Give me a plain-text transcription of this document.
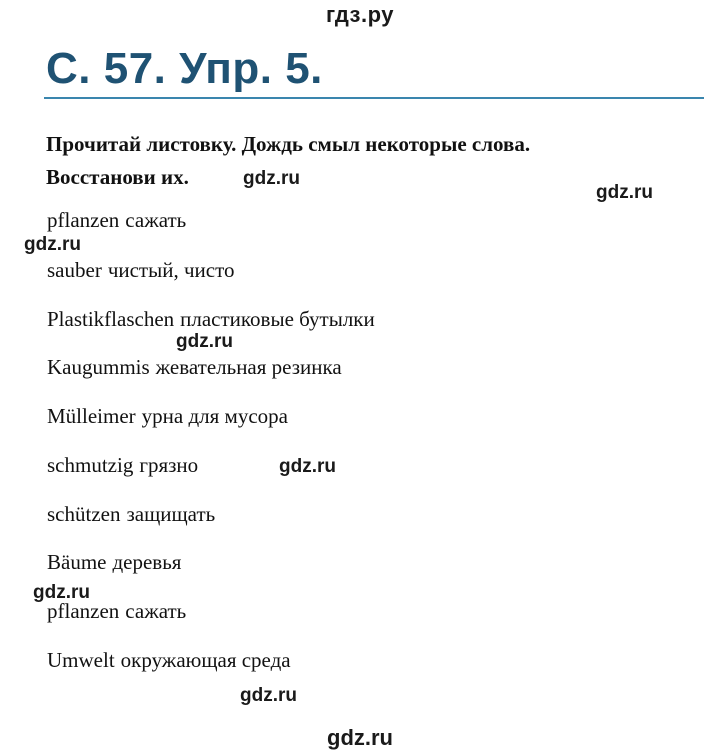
гдз.ру
С. 57. Упр. 5.
Прочитай листовку. Дождь смыл некоторые слова.
Восстанови их.
pflanzen сажать
sauber чистый, чисто
Plastikflaschen пластиковые бутылки
Kaugummis жевательная резинка
Mülleimer урна для мусора
schmutzig грязно
schützen защищать
Bäume деревья
pflanzen сажать
Umwelt окружающая среда
gdz.ru
gdz.ru
gdz.ru
gdz.ru
gdz.ru
gdz.ru
gdz.ru
gdz.ru
